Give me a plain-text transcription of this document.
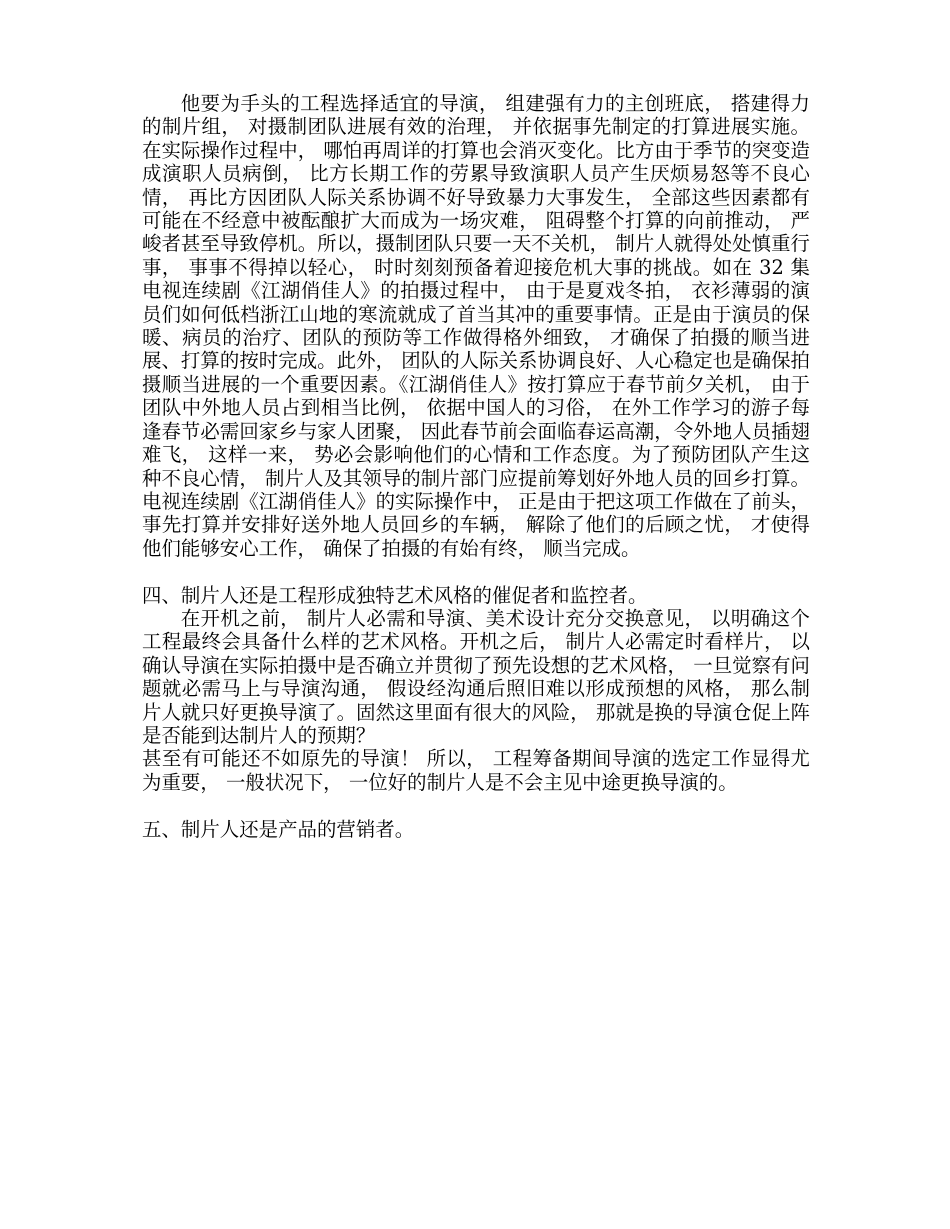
他要为手头的工程选择适宜的导演， 组建强有力的主创班底， 搭建得力的制片组， 对摄制团队进展有效的治理， 并依据事先制定的打算进展实施。在实际操作过程中， 哪怕再周详的打算也会消灭变化。比方由于季节的突变造成演职人员病倒， 比方长期工作的劳累导致演职人员产生厌烦易怒等不良心情， 再比方因团队人际关系协调不好导致暴力大事发生， 全部这些因素都有可能在不经意中被酝酿扩大而成为一场灾难， 阻碍整个打算的向前推动， 严峻者甚至导致停机。所以，摄制团队只要一天不关机， 制片人就得处处慎重行事， 事事不得掉以轻心， 时时刻刻预备着迎接危机大事的挑战。如在 32 集电视连续剧《江湖俏佳人》的拍摄过程中， 由于是夏戏冬拍， 衣衫薄弱的演员们如何低档浙江山地的寒流就成了首当其冲的重要事情。正是由于演员的保暖、病员的治疗、团队的预防等工作做得格外细致， 才确保了拍摄的顺当进展、打算的按时完成。此外， 团队的人际关系协调良好、人心稳定也是确保拍摄顺当进展的一个重要因素。《江湖俏佳人》按打算应于春节前夕关机， 由于团队中外地人员占到相当比例， 依据中国人的习俗， 在外工作学习的游子每逢春节必需回家乡与家人团聚， 因此春节前会面临春运高潮，令外地人员插翅难飞， 这样一来， 势必会影响他们的心情和工作态度。为了预防团队产生这种不良心情， 制片人及其领导的制片部门应提前筹划好外地人员的回乡打算。电视连续剧《江湖俏佳人》的实际操作中， 正是由于把这项工作做在了前头， 事先打算并安排好送外地人员回乡的车辆， 解除了他们的后顾之忧， 才使得他们能够安心工作， 确保了拍摄的有始有终， 顺当完成。

四、制片人还是工程形成独特艺术风格的催促者和监控者。

在开机之前， 制片人必需和导演、美术设计充分交换意见， 以明确这个工程最终会具备什么样的艺术风格。开机之后， 制片人必需定时看样片， 以确认导演在实际拍摄中是否确立并贯彻了预先设想的艺术风格， 一旦觉察有问题就必需马上与导演沟通， 假设经沟通后照旧难以形成预想的风格， 那么制片人就只好更换导演了。固然这里面有很大的风险， 那就是换的导演仓促上阵是否能到达制片人的预期？

甚至有可能还不如原先的导演！ 所以， 工程筹备期间导演的选定工作显得尤为重要， 一般状况下， 一位好的制片人是不会主见中途更换导演的。

五、制片人还是产品的营销者。
